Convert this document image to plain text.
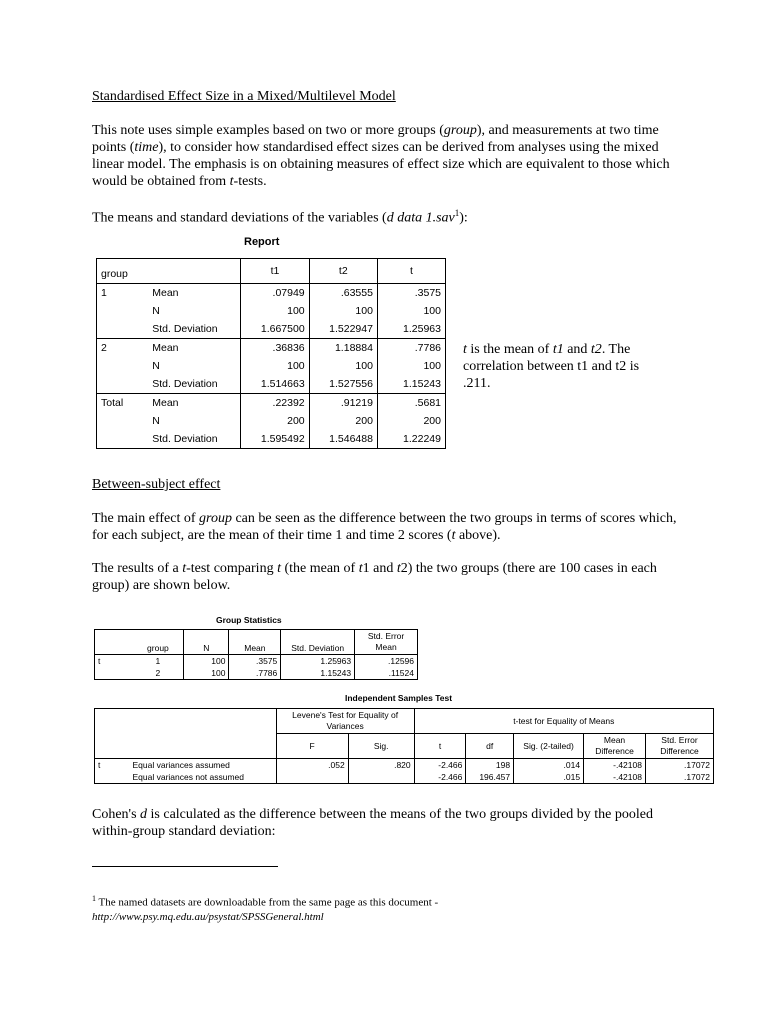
Standardised Effect Size in a Mixed/Multilevel Model

This note uses simple examples based on two or more groups (group), and measurements at two time points (time), to consider how standardised effect sizes can be derived from analyses using the mixed linear model. The emphasis is on obtaining measures of effect size which are equivalent to those which would be obtained from t-tests.

The means and standard deviations of the variables (d data 1.sav$^1$):

Report
group		t1	t2	t
1	Mean	.07949	.63555	.3575
	N	100	100	100
	Std. Deviation	1.667500	1.522947	1.25963
2	Mean	.36836	1.18884	.7786
	N	100	100	100
	Std. Deviation	1.514663	1.527556	1.15243
Total	Mean	.22392	.91219	.5681
	N	200	200	200
	Std. Deviation	1.595492	1.546488	1.22249

t is the mean of t1 and t2. The correlation between t1 and t2 is .211.

Between-subject effect

The main effect of group can be seen as the difference between the two groups in terms of scores which, for each subject, are the mean of their time 1 and time 2 scores (t above).

The results of a t-test comparing t (the mean of t1 and t2) the two groups (there are 100 cases in each group) are shown below.

Group Statistics
	group	N	Mean	Std. Deviation	Std. Error Mean
t	1	100	.3575	1.25963	.12596
	2	100	.7786	1.15243	.11524
Independent Samples Test
		Levene's Test for Equality of Variances		t-test for Equality of Means				
		F	Sig.	t	df	Sig. (2-tailed)	Mean Difference	Std. Error Difference
t	Equal variances assumed	.052	.820	-2.466	198	.014	-.42108	.17072
	Equal variances not assumed			-2.466	196.457	.015	-.42108	.17072

Cohen's d is calculated as the difference between the means of the two groups divided by the pooled within-group standard deviation:

$^1$ The named datasets are downloadable from the same page as this document -
http://www.psy.mq.edu.au/psystat/SPSSGeneral.html
